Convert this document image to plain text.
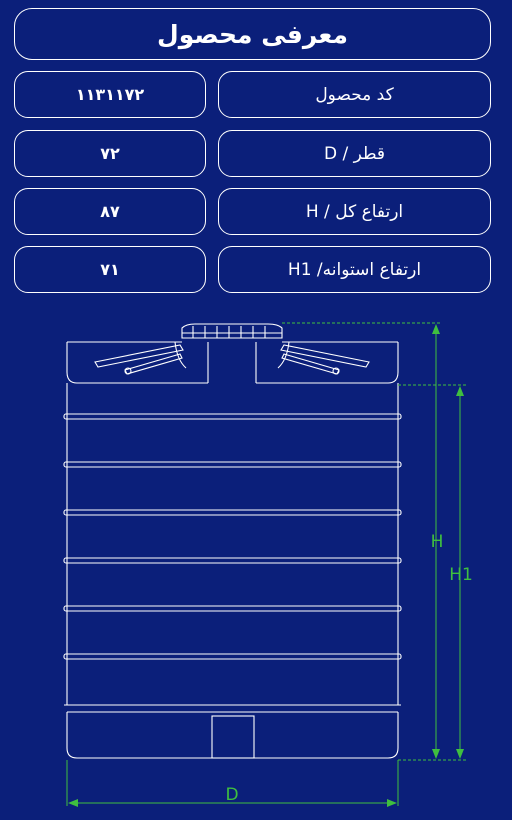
معرفی محصول
کد محصول
۱۱۳۱۱۷۲
قطر / D
۷۲
ارتفاع کل / H
۸۷
ارتفاع استوانه/ H1
۷۱
H
H1
D
